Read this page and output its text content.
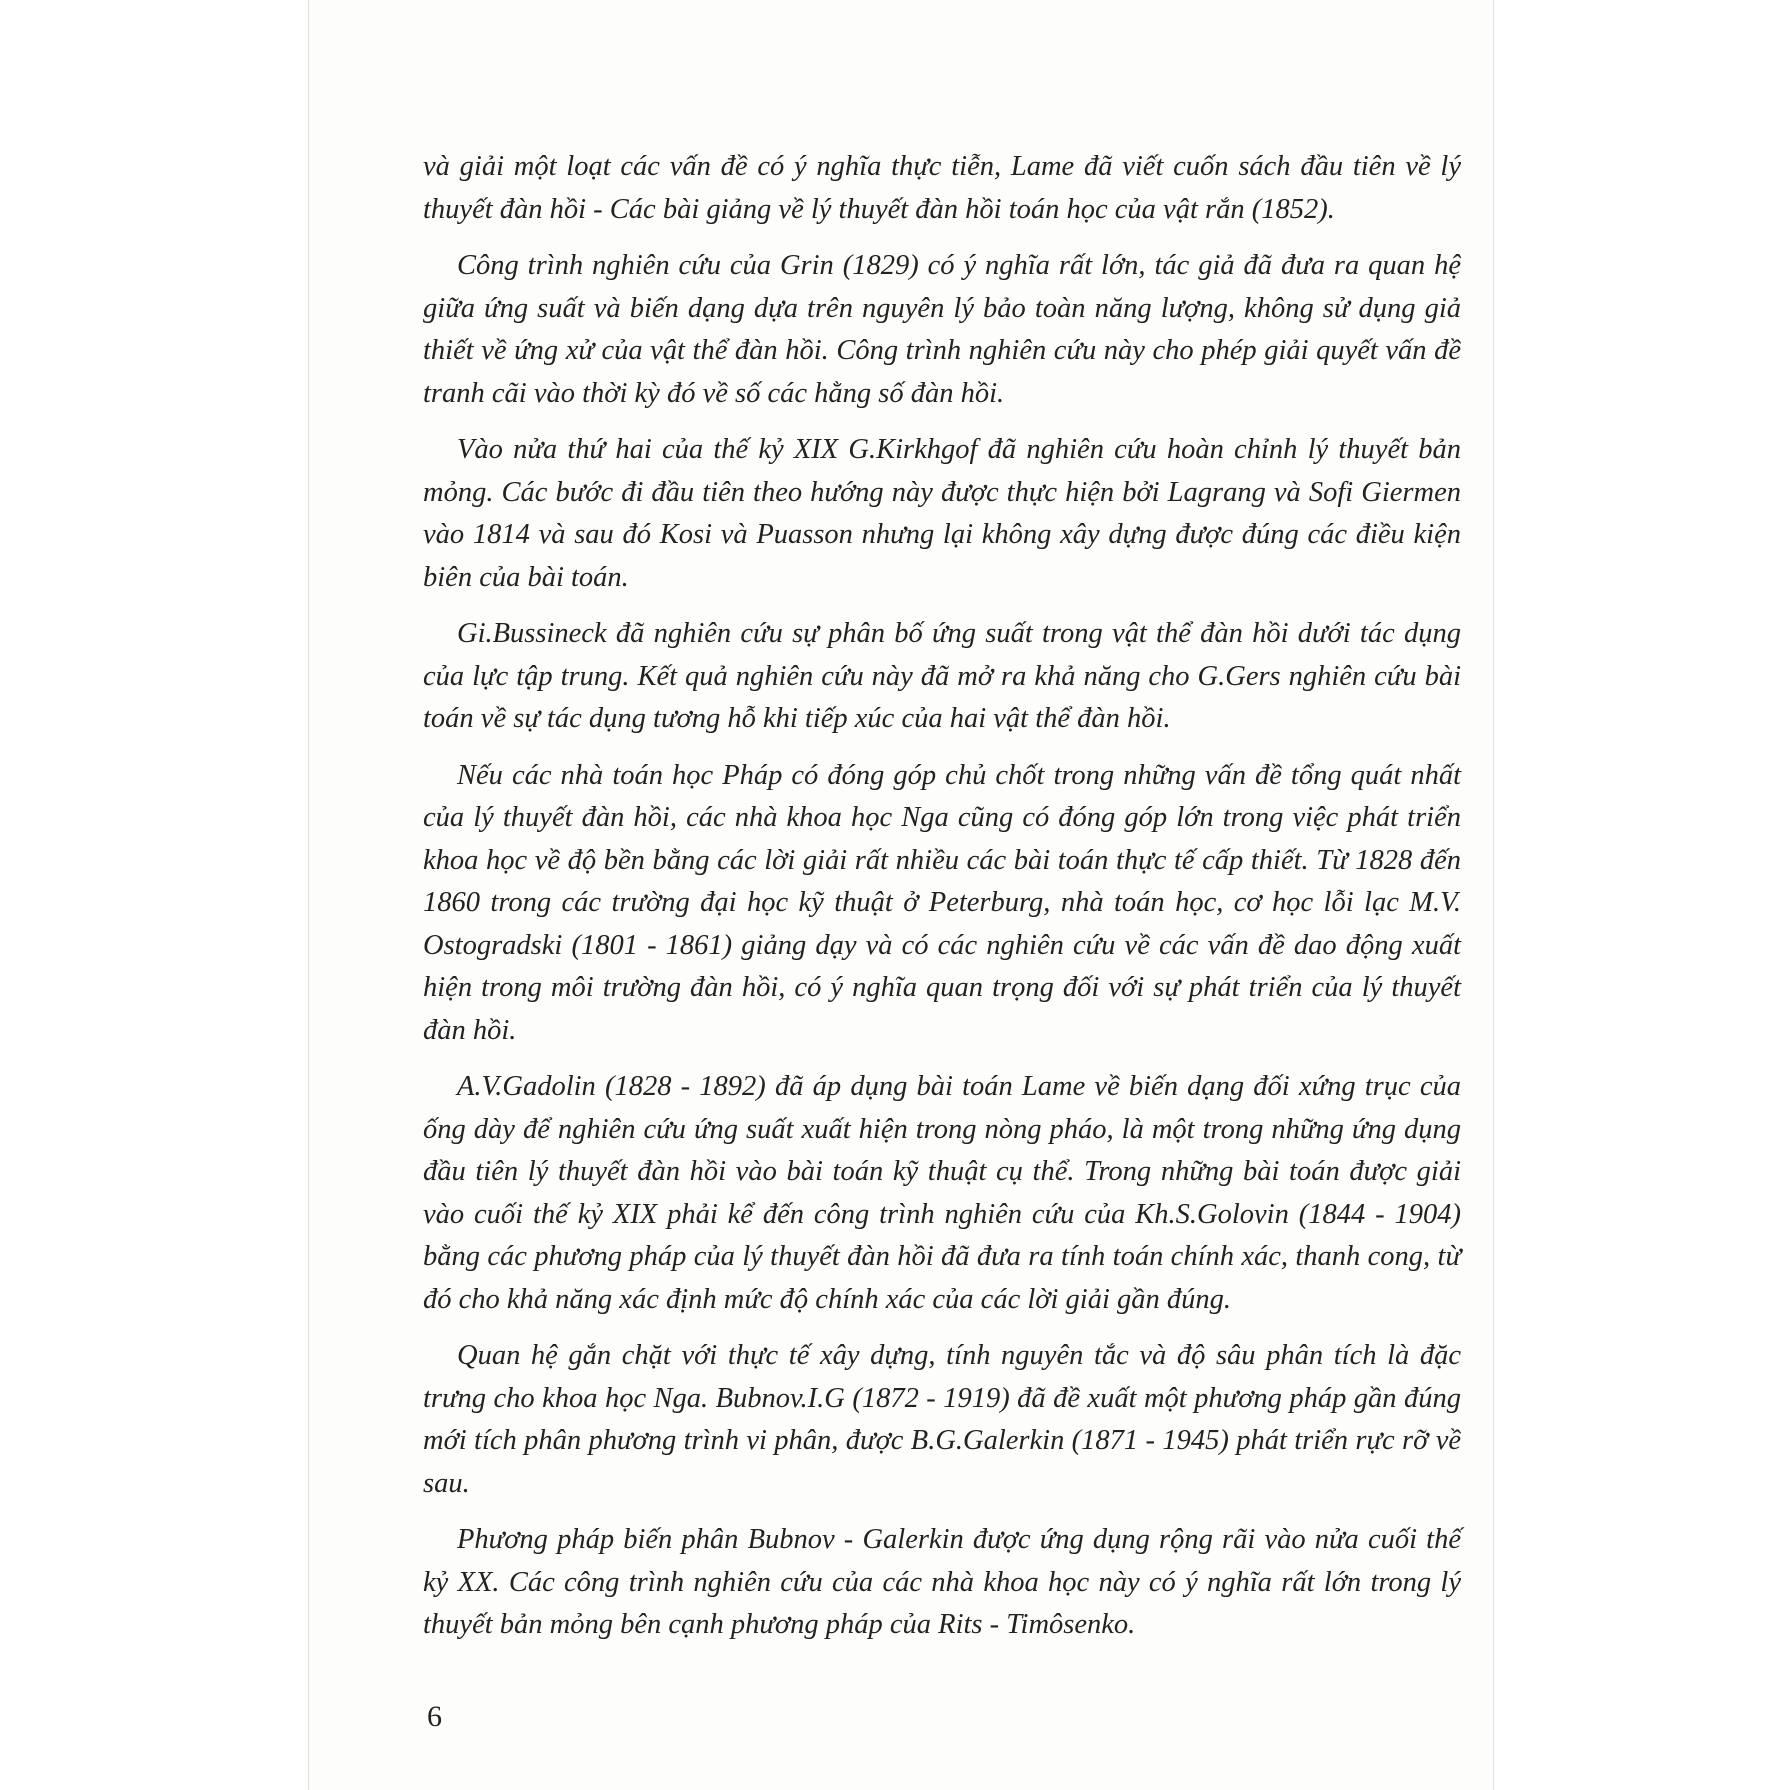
và giải một loạt các vấn đề có ý nghĩa thực tiễn, Lame đã viết cuốn sách đầu tiên về lý thuyết đàn hồi - Các bài giảng về lý thuyết đàn hồi toán học của vật rắn (1852).

Công trình nghiên cứu của Grin (1829) có ý nghĩa rất lớn, tác giả đã đưa ra quan hệ giữa ứng suất và biến dạng dựa trên nguyên lý bảo toàn năng lượng, không sử dụng giả thiết về ứng xử của vật thể đàn hồi. Công trình nghiên cứu này cho phép giải quyết vấn đề tranh cãi vào thời kỳ đó về số các hằng số đàn hồi.

Vào nửa thứ hai của thế kỷ XIX G.Kirkhgof đã nghiên cứu hoàn chỉnh lý thuyết bản mỏng. Các bước đi đầu tiên theo hướng này được thực hiện bởi Lagrang và Sofi Giermen vào 1814 và sau đó Kosi và Puasson nhưng lại không xây dựng được đúng các điều kiện biên của bài toán.

Gi.Bussineck đã nghiên cứu sự phân bố ứng suất trong vật thể đàn hồi dưới tác dụng của lực tập trung. Kết quả nghiên cứu này đã mở ra khả năng cho G.Gers nghiên cứu bài toán về sự tác dụng tương hỗ khi tiếp xúc của hai vật thể đàn hồi.

Nếu các nhà toán học Pháp có đóng góp chủ chốt trong những vấn đề tổng quát nhất của lý thuyết đàn hồi, các nhà khoa học Nga cũng có đóng góp lớn trong việc phát triển khoa học về độ bền bằng các lời giải rất nhiều các bài toán thực tế cấp thiết. Từ 1828 đến 1860 trong các trường đại học kỹ thuật ở Peterburg, nhà toán học, cơ học lỗi lạc M.V. Ostogradski (1801 - 1861) giảng dạy và có các nghiên cứu về các vấn đề dao động xuất hiện trong môi trường đàn hồi, có ý nghĩa quan trọng đối với sự phát triển của lý thuyết đàn hồi.

A.V.Gadolin (1828 - 1892) đã áp dụng bài toán Lame về biến dạng đối xứng trục của ống dày để nghiên cứu ứng suất xuất hiện trong nòng pháo, là một trong những ứng dụng đầu tiên lý thuyết đàn hồi vào bài toán kỹ thuật cụ thể. Trong những bài toán được giải vào cuối thế kỷ XIX phải kể đến công trình nghiên cứu của Kh.S.Golovin (1844 - 1904) bằng các phương pháp của lý thuyết đàn hồi đã đưa ra tính toán chính xác, thanh cong, từ đó cho khả năng xác định mức độ chính xác của các lời giải gần đúng.

Quan hệ gắn chặt với thực tế xây dựng, tính nguyên tắc và độ sâu phân tích là đặc trưng cho khoa học Nga. Bubnov.I.G (1872 - 1919) đã đề xuất một phương pháp gần đúng mới tích phân phương trình vi phân, được B.G.Galerkin (1871 - 1945) phát triển rực rỡ về sau.

Phương pháp biến phân Bubnov - Galerkin được ứng dụng rộng rãi vào nửa cuối thế kỷ XX. Các công trình nghiên cứu của các nhà khoa học này có ý nghĩa rất lớn trong lý thuyết bản mỏng bên cạnh phương pháp của Rits - Timôsenko.

6
